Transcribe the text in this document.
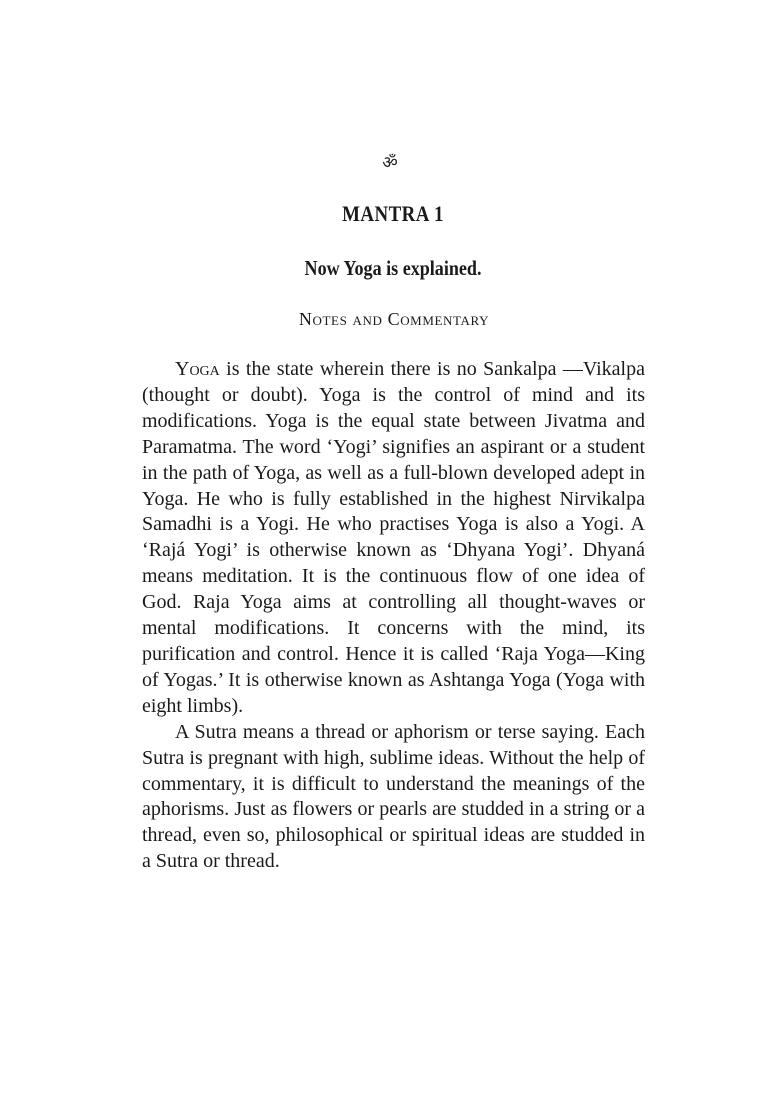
ॐ
MANTRA 1
Now Yoga is explained.
Notes and Commentary

Yoga is the state wherein there is no Sankalpa —Vikalpa (thought or doubt). Yoga is the control of mind and its modifications. Yoga is the equal state between Jivatma and Paramatma. The word ‘Yogi’ signifies an aspirant or a student in the path of Yoga, as well as a full-blown developed adept in Yoga. He who is fully established in the highest Nirvikalpa Samadhi is a Yogi. He who practises Yoga is also a Yogi. A ‘Rajá Yogi’ is otherwise known as ‘Dhyana Yogi’. Dhyaná means meditation. It is the continuous flow of one idea of God. Raja Yoga aims at controlling all thought-waves or mental modifications. It concerns with the mind, its purification and control. Hence it is called ‘Raja Yoga—King of Yogas.’ It is otherwise known as Ashtanga Yoga (Yoga with eight limbs).

A Sutra means a thread or aphorism or terse saying. Each Sutra is pregnant with high, sublime ideas. Without the help of commentary, it is difficult to understand the meanings of the aphorisms. Just as flowers or pearls are studded in a string or a thread, even so, philosophical or spiritual ideas are studded in a Sutra or thread.
